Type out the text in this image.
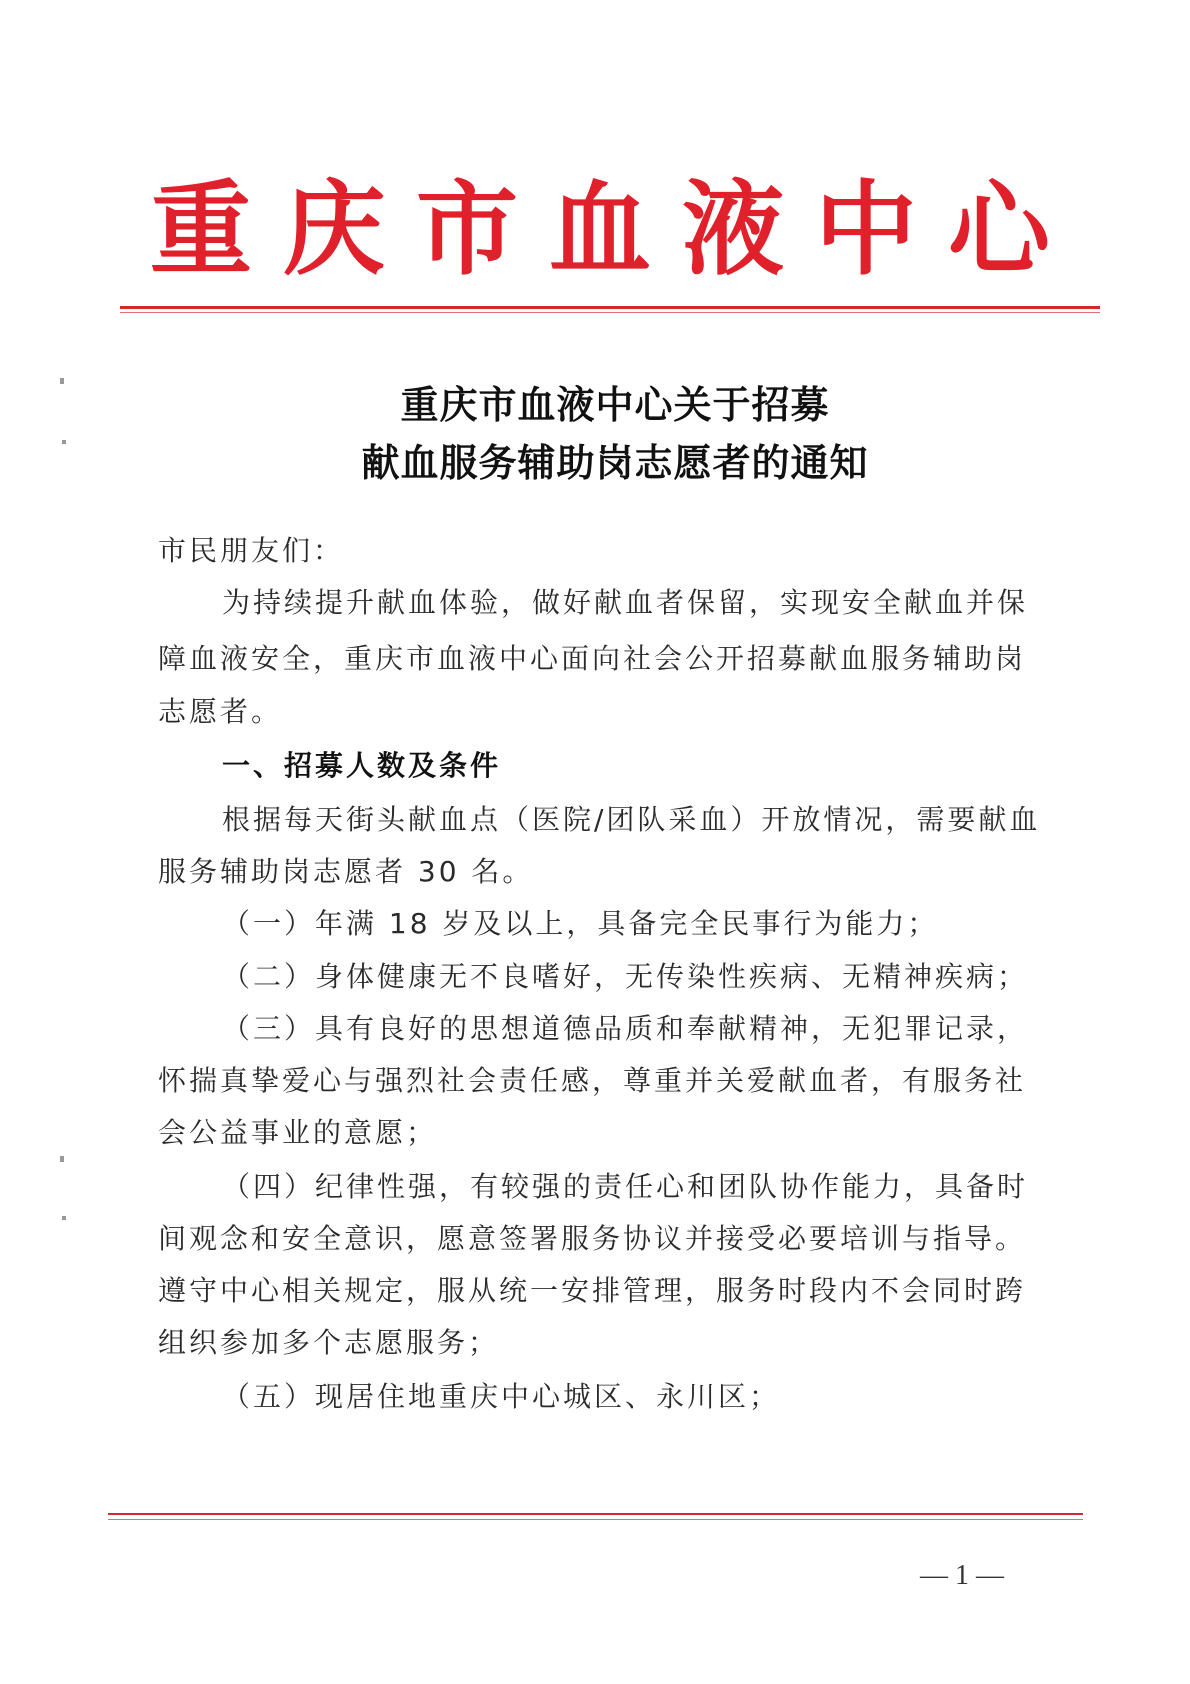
重 庆 市 血 液 中 心
重庆市血液中心关于招募
献血服务辅助岗志愿者的通知
市民朋友们：
为持续提升献血体验，做好献血者保留，实现安全献血并保
障血液安全，重庆市血液中心面向社会公开招募献血服务辅助岗
志愿者。
一、招募人数及条件
根据每天街头献血点（医院/团队采血）开放情况，需要献血
服务辅助岗志愿者 30 名。
（一）年满 18 岁及以上，具备完全民事行为能力；
（二）身体健康无不良嗜好，无传染性疾病、无精神疾病；
（三）具有良好的思想道德品质和奉献精神，无犯罪记录，
怀揣真挚爱心与强烈社会责任感，尊重并关爱献血者，有服务社
会公益事业的意愿；
（四）纪律性强，有较强的责任心和团队协作能力，具备时
间观念和安全意识，愿意签署服务协议并接受必要培训与指导。
遵守中心相关规定，服从统一安排管理，服务时段内不会同时跨
组织参加多个志愿服务；
（五）现居住地重庆中心城区、永川区；
— 1 —
